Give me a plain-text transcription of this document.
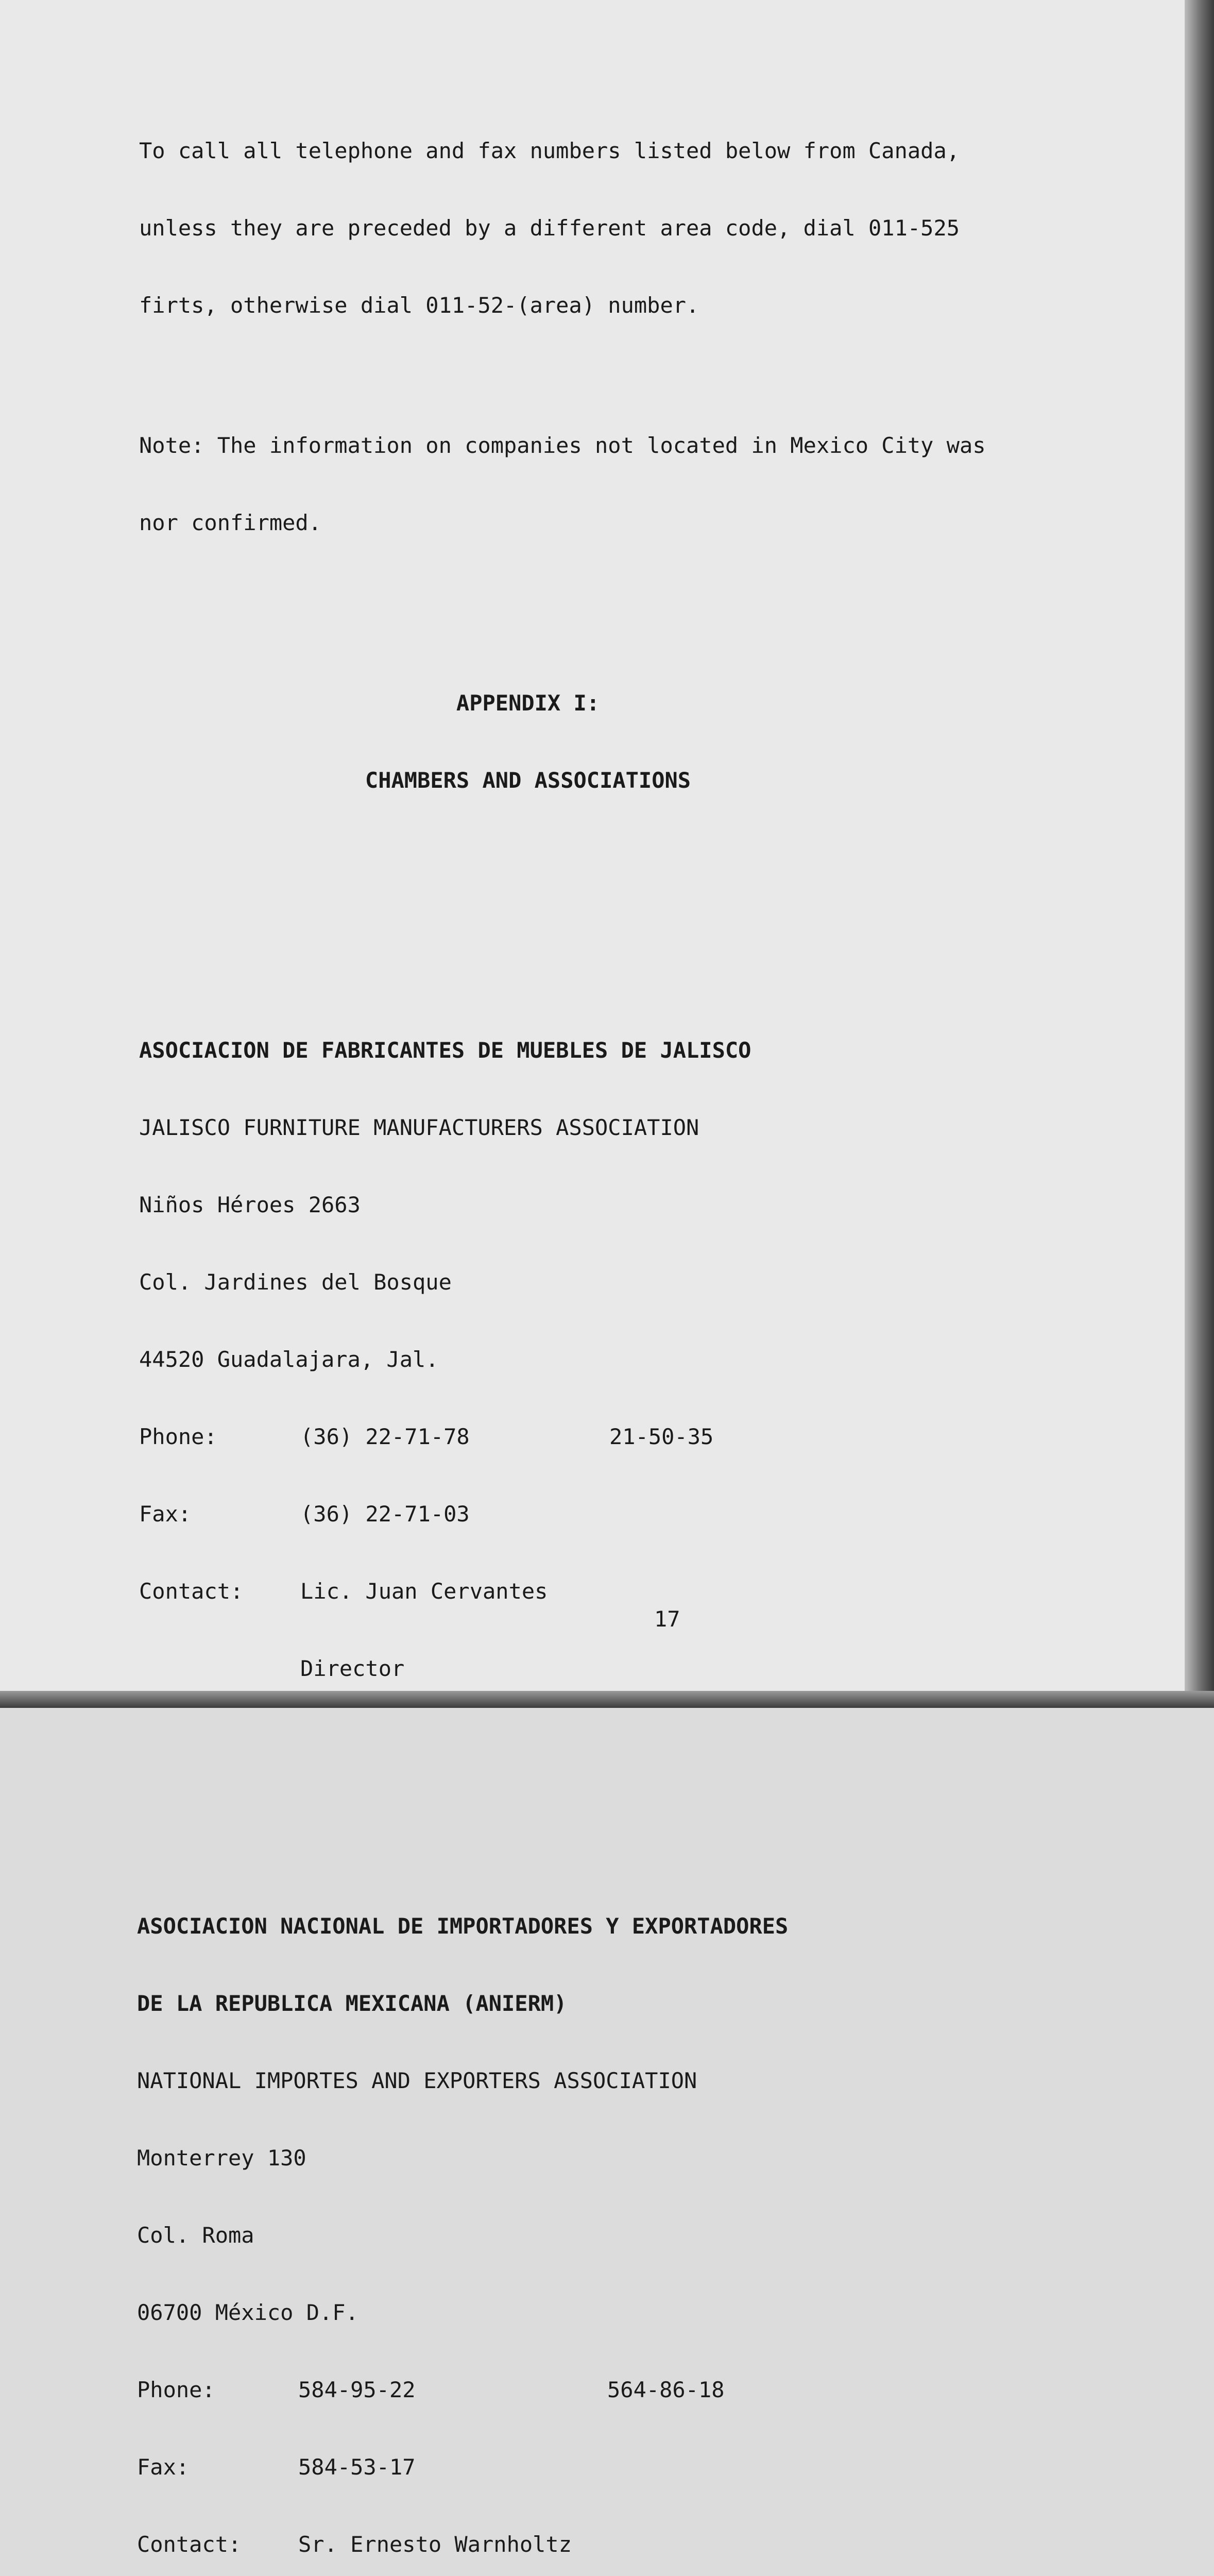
To call all telephone and fax numbers listed below from Canada,

unless they are preceded by a different area code, dial 011-525

firts, otherwise dial 011-52-(area) number.

Note: The information on companies not located in Mexico City was

nor confirmed.

APPENDIX I:

CHAMBERS AND ASSOCIATIONS

ASOCIACION DE FABRICANTES DE MUEBLES DE JALISCO

JALISCO FURNITURE MANUFACTURERS ASSOCIATION

Niños Héroes 2663

Col. Jardines del Bosque

44520 Guadalajara, Jal.

Phone:	(36) 22-71-78	21-50-35

Fax:	(36) 22-71-03

Contact:	Lic. Juan Cervantes

Director

ASOCIACION NACIONAL DE IMPORTADORES Y EXPORTADORES

DE LA REPUBLICA MEXICANA (ANIERM)

NATIONAL IMPORTES AND EXPORTERS ASSOCIATION

Monterrey 130

Col. Roma

06700 México D.F.

Phone:	584-95-22	564-86-18

Fax:	584-53-17

Contact:	Sr. Ernesto Warnholtz

17
